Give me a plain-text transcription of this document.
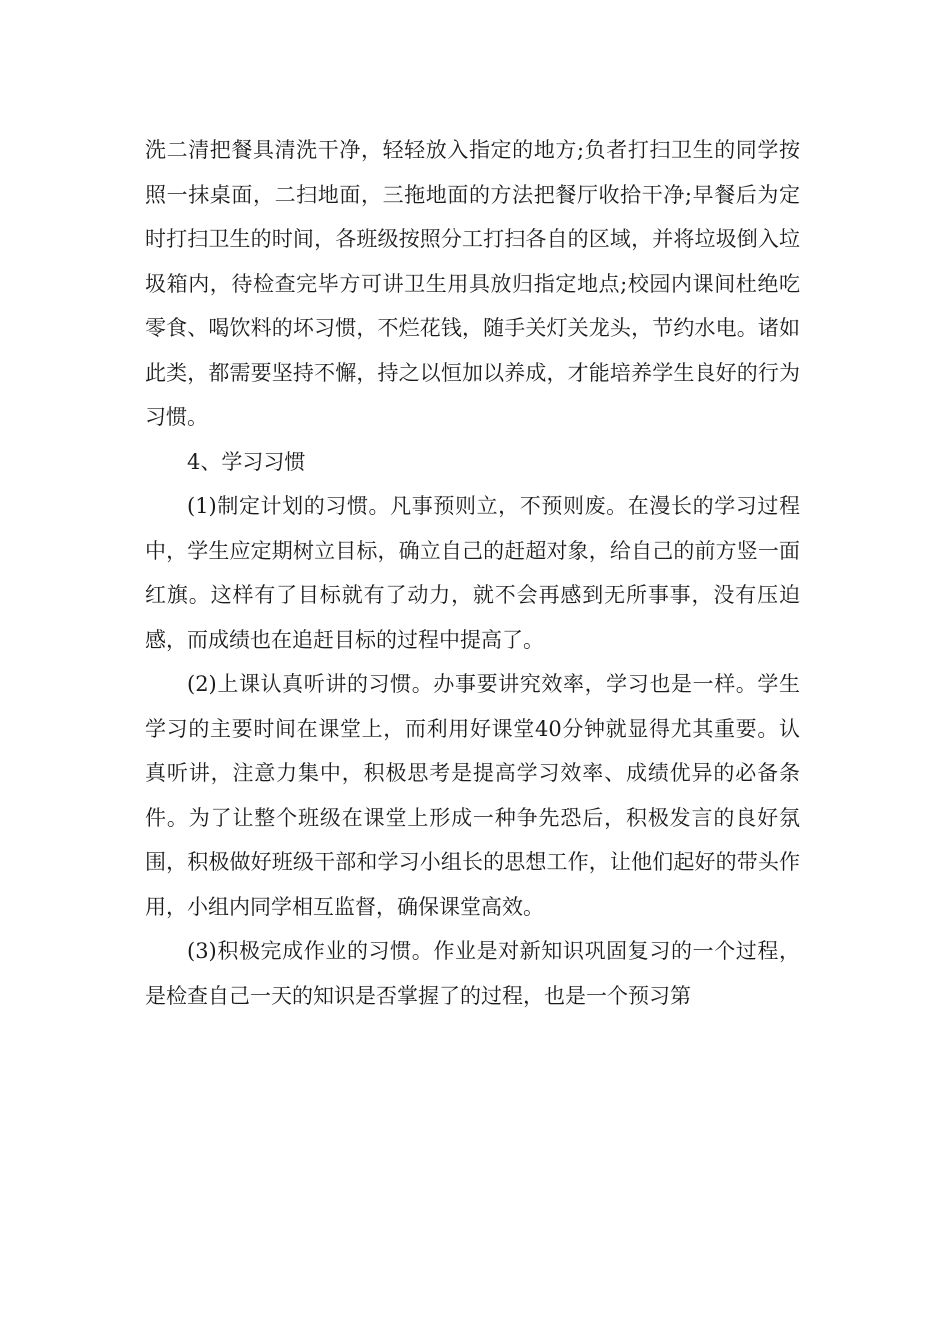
洗二清把餐具清洗干净，轻轻放入指定的地方;负者打扫卫生的同学按照一抹桌面，二扫地面，三拖地面的方法把餐厅收拾干净;早餐后为定时打扫卫生的时间，各班级按照分工打扫各自的区域，并将垃圾倒入垃圾箱内，待检查完毕方可讲卫生用具放归指定地点;校园内课间杜绝吃零食、喝饮料的坏习惯，不烂花钱，随手关灯关龙头，节约水电。诸如此类，都需要坚持不懈，持之以恒加以养成，才能培养学生良好的行为习惯。

4、学习习惯

(1)制定计划的习惯。凡事预则立，不预则废。在漫长的学习过程中，学生应定期树立目标，确立自己的赶超对象，给自己的前方竖一面红旗。这样有了目标就有了动力，就不会再感到无所事事，没有压迫感，而成绩也在追赶目标的过程中提高了。

(2)上课认真听讲的习惯。办事要讲究效率，学习也是一样。学生学习的主要时间在课堂上，而利用好课堂40分钟就显得尤其重要。认真听讲，注意力集中，积极思考是提高学习效率、成绩优异的必备条件。为了让整个班级在课堂上形成一种争先恐后，积极发言的良好氛围，积极做好班级干部和学习小组长的思想工作，让他们起好的带头作用，小组内同学相互监督，确保课堂高效。

(3)积极完成作业的习惯。作业是对新知识巩固复习的一个过程，是检查自己一天的知识是否掌握了的过程，也是一个预习第
